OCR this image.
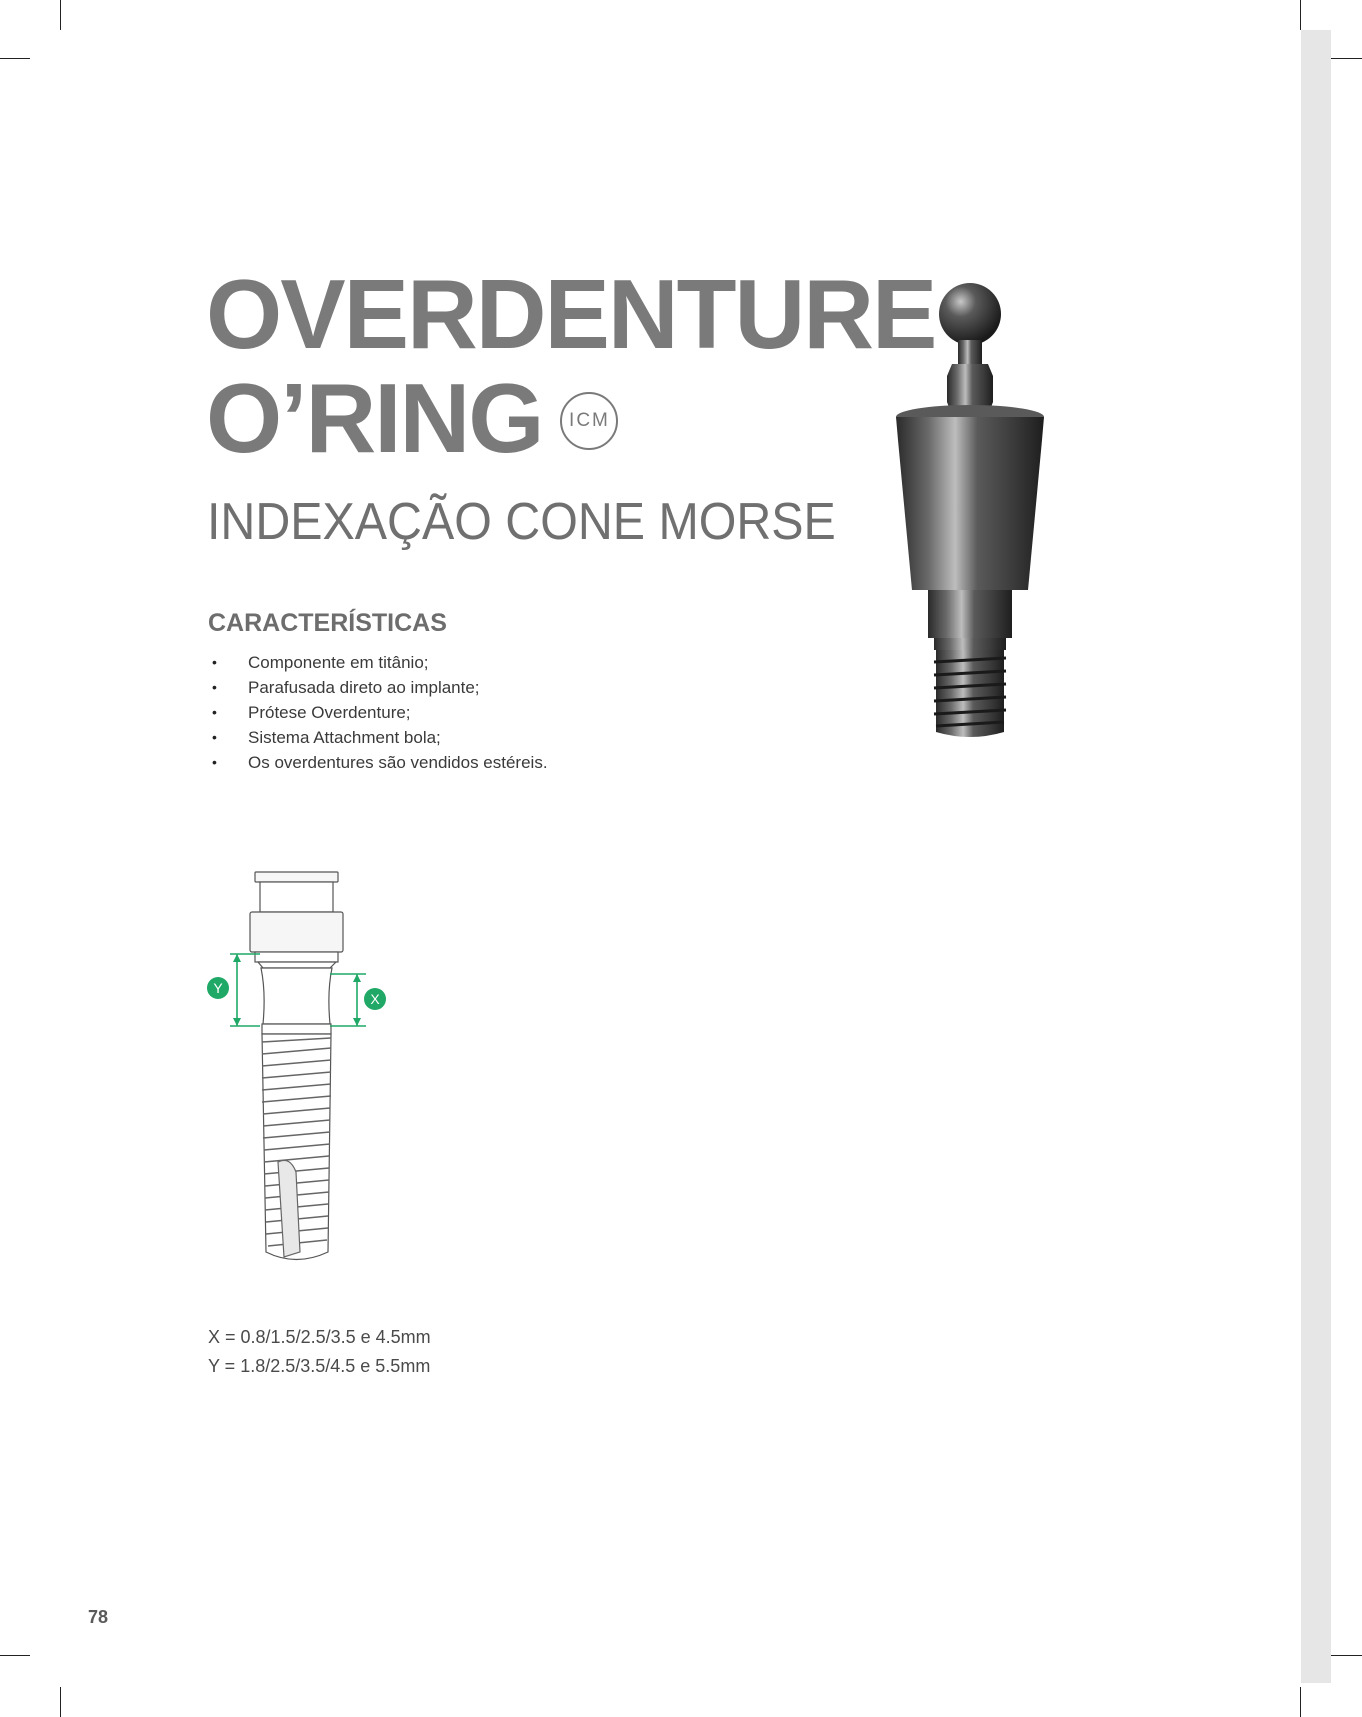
OVERDENTURE
O’RING	ICM
INDEXAÇÃO CONE MORSE
CARACTERÍSTICAS
• Componente em titânio;
• Parafusada direto ao implante;
• Prótese Overdenture;
• Sistema Attachment bola;
• Os overdentures são vendidos estéreis.
Y
X
X = 0.8/1.5/2.5/3.5 e 4.5mm
Y = 1.8/2.5/3.5/4.5 e 5.5mm
78
